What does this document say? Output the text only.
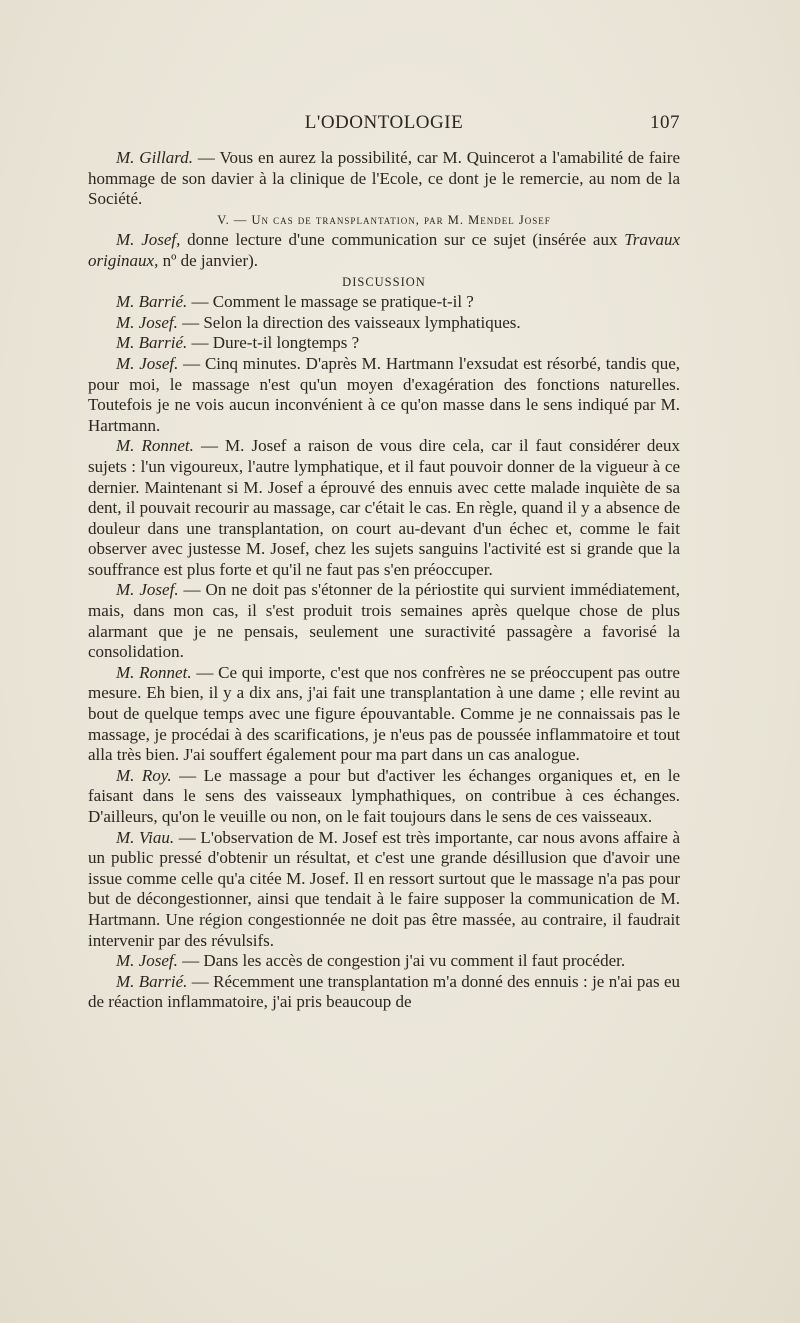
L'ODONTOLOGIE	107

M. Gillard. — Vous en aurez la possibilité, car M. Quincerot a l'amabilité de faire hommage de son davier à la clinique de l'Ecole, ce dont je le remercie, au nom de la Société.

V. — Un cas de transplantation, par M. Mendel Josef

M. Josef, donne lecture d'une communication sur ce sujet (insérée aux Travaux originaux, nº de janvier).

DISCUSSION

M. Barrié. — Comment le massage se pratique-t-il ?

M. Josef. — Selon la direction des vaisseaux lymphatiques.

M. Barrié. — Dure-t-il longtemps ?

M. Josef. — Cinq minutes. D'après M. Hartmann l'exsudat est résorbé, tandis que, pour moi, le massage n'est qu'un moyen d'exagération des fonctions naturelles. Toutefois je ne vois aucun inconvénient à ce qu'on masse dans le sens indiqué par M. Hartmann.

M. Ronnet. — M. Josef a raison de vous dire cela, car il faut considérer deux sujets : l'un vigoureux, l'autre lymphatique, et il faut pouvoir donner de la vigueur à ce dernier. Maintenant si M. Josef a éprouvé des ennuis avec cette malade inquiète de sa dent, il pouvait recourir au massage, car c'était le cas. En règle, quand il y a absence de douleur dans une transplantation, on court au-devant d'un échec et, comme le fait observer avec justesse M. Josef, chez les sujets sanguins l'activité est si grande que la souffrance est plus forte et qu'il ne faut pas s'en préoccuper.

M. Josef. — On ne doit pas s'étonner de la périostite qui survient immédiatement, mais, dans mon cas, il s'est produit trois semaines après quelque chose de plus alarmant que je ne pensais, seulement une suractivité passagère a favorisé la consolidation.

M. Ronnet. — Ce qui importe, c'est que nos confrères ne se préoccupent pas outre mesure. Eh bien, il y a dix ans, j'ai fait une transplantation à une dame ; elle revint au bout de quelque temps avec une figure épouvantable. Comme je ne connaissais pas le massage, je procédai à des scarifications, je n'eus pas de poussée inflammatoire et tout alla très bien. J'ai souffert également pour ma part dans un cas analogue.

M. Roy. — Le massage a pour but d'activer les échanges organiques et, en le faisant dans le sens des vaisseaux lymphathiques, on contribue à ces échanges. D'ailleurs, qu'on le veuille ou non, on le fait toujours dans le sens de ces vaisseaux.

M. Viau. — L'observation de M. Josef est très importante, car nous avons affaire à un public pressé d'obtenir un résultat, et c'est une grande désillusion que d'avoir une issue comme celle qu'a citée M. Josef. Il en ressort surtout que le massage n'a pas pour but de décongestionner, ainsi que tendait à le faire supposer la communication de M. Hartmann. Une région congestionnée ne doit pas être massée, au contraire, il faudrait intervenir par des révulsifs.

M. Josef. — Dans les accès de congestion j'ai vu comment il faut procéder.

M. Barrié. — Récemment une transplantation m'a donné des ennuis : je n'ai pas eu de réaction inflammatoire, j'ai pris beaucoup de
